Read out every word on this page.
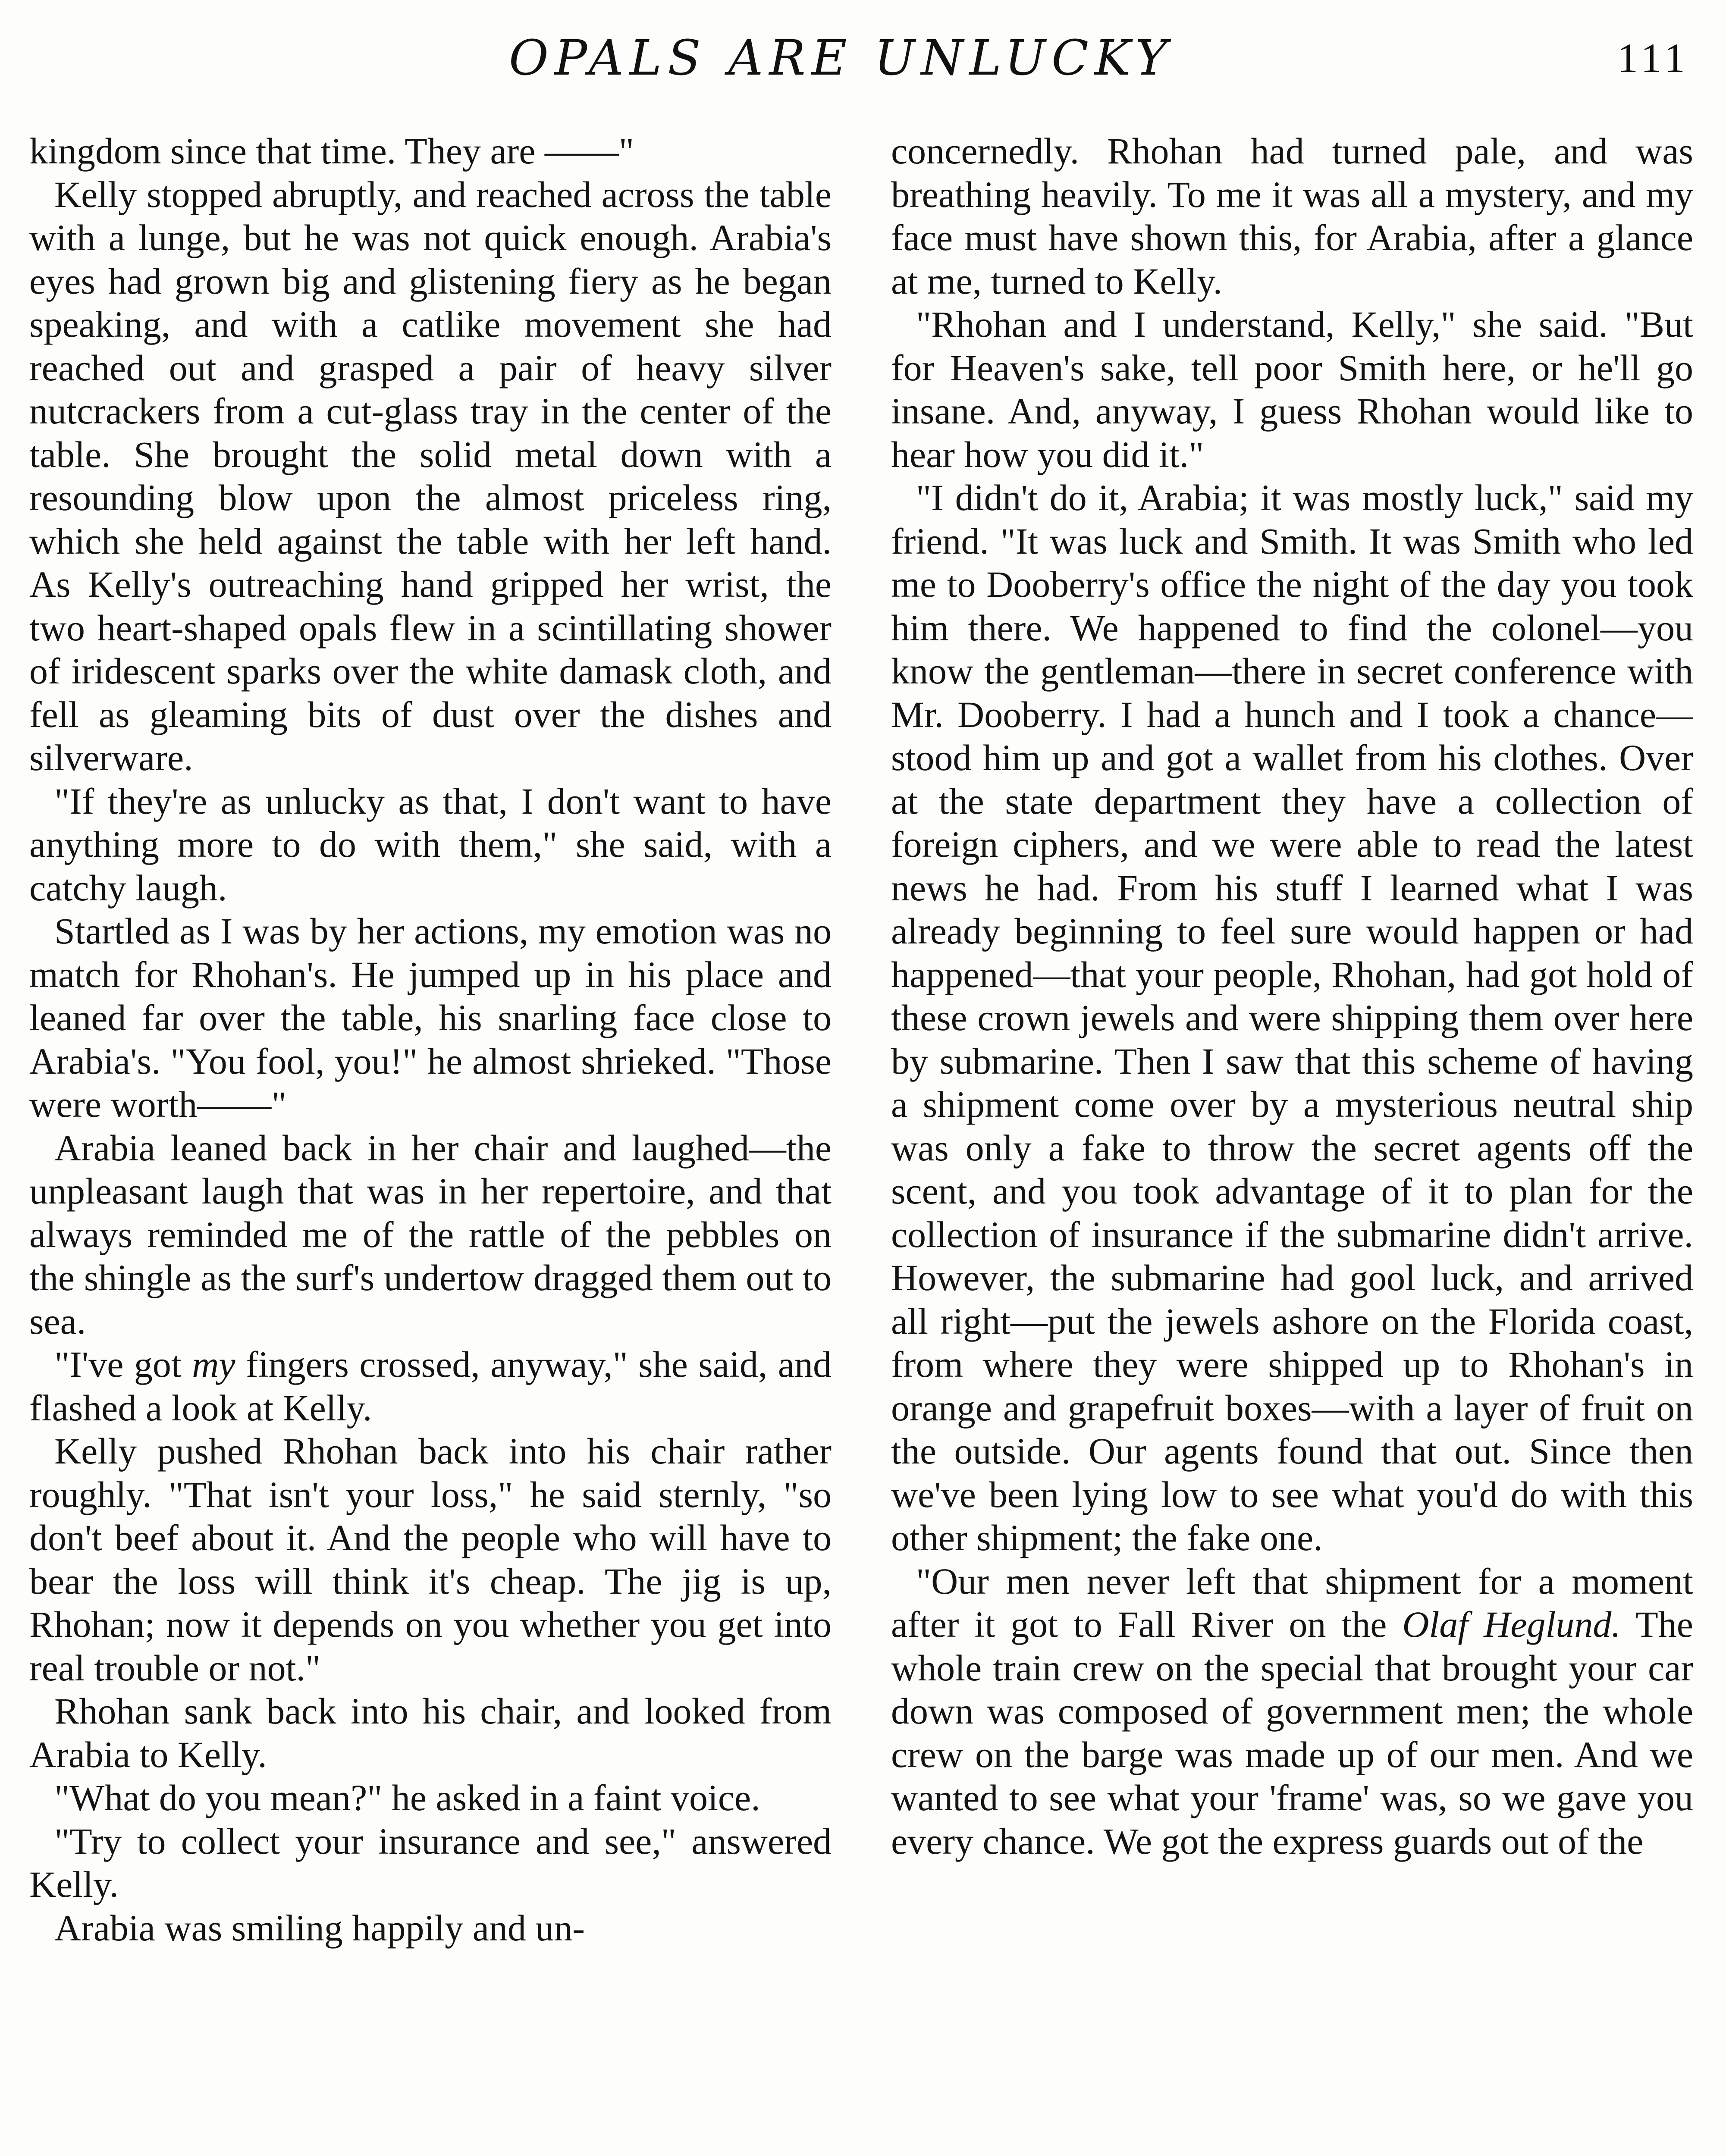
OPALS ARE UNLUCKY	111

kingdom since that time. They are ——"

Kelly stopped abruptly, and reached across the table with a lunge, but he was not quick enough. Arabia's eyes had grown big and glistening fiery as he began speaking, and with a catlike movement she had reached out and grasped a pair of heavy silver nutcrackers from a cut-glass tray in the center of the table. She brought the solid metal down with a resounding blow upon the almost priceless ring, which she held against the table with her left hand. As Kelly's outreaching hand gripped her wrist, the two heart-shaped opals flew in a scintillating shower of iridescent sparks over the white damask cloth, and fell as gleaming bits of dust over the dishes and silverware.

"If they're as unlucky as that, I don't want to have anything more to do with them," she said, with a catchy laugh.

Startled as I was by her actions, my emotion was no match for Rhohan's. He jumped up in his place and leaned far over the table, his snarling face close to Arabia's. "You fool, you!" he almost shrieked. "Those were worth——"

Arabia leaned back in her chair and laughed—the unpleasant laugh that was in her repertoire, and that always reminded me of the rattle of the pebbles on the shingle as the surf's undertow dragged them out to sea.

"I've got my fingers crossed, anyway," she said, and flashed a look at Kelly.

Kelly pushed Rhohan back into his chair rather roughly. "That isn't your loss," he said sternly, "so don't beef about it. And the people who will have to bear the loss will think it's cheap. The jig is up, Rhohan; now it depends on you whether you get into real trouble or not."

Rhohan sank back into his chair, and looked from Arabia to Kelly.

"What do you mean?" he asked in a faint voice.

"Try to collect your insurance and see," answered Kelly.

Arabia was smiling happily and un-

concernedly. Rhohan had turned pale, and was breathing heavily. To me it was all a mystery, and my face must have shown this, for Arabia, after a glance at me, turned to Kelly.

"Rhohan and I understand, Kelly," she said. "But for Heaven's sake, tell poor Smith here, or he'll go insane. And, anyway, I guess Rhohan would like to hear how you did it."

"I didn't do it, Arabia; it was mostly luck," said my friend. "It was luck and Smith. It was Smith who led me to Dooberry's office the night of the day you took him there. We happened to find the colonel—you know the gentleman—there in secret conference with Mr. Dooberry. I had a hunch and I took a chance—stood him up and got a wallet from his clothes. Over at the state department they have a collection of foreign ciphers, and we were able to read the latest news he had. From his stuff I learned what I was already beginning to feel sure would happen or had happened—that your people, Rhohan, had got hold of these crown jewels and were shipping them over here by submarine. Then I saw that this scheme of having a shipment come over by a mysterious neutral ship was only a fake to throw the secret agents off the scent, and you took advantage of it to plan for the collection of insurance if the submarine didn't arrive. However, the submarine had gool luck, and arrived all right—put the jewels ashore on the Florida coast, from where they were shipped up to Rhohan's in orange and grapefruit boxes—with a layer of fruit on the outside. Our agents found that out. Since then we've been lying low to see what you'd do with this other shipment; the fake one.

"Our men never left that shipment for a moment after it got to Fall River on the Olaf Heglund. The whole train crew on the special that brought your car down was composed of government men; the whole crew on the barge was made up of our men. And we wanted to see what your 'frame' was, so we gave you every chance. We got the express guards out of the
